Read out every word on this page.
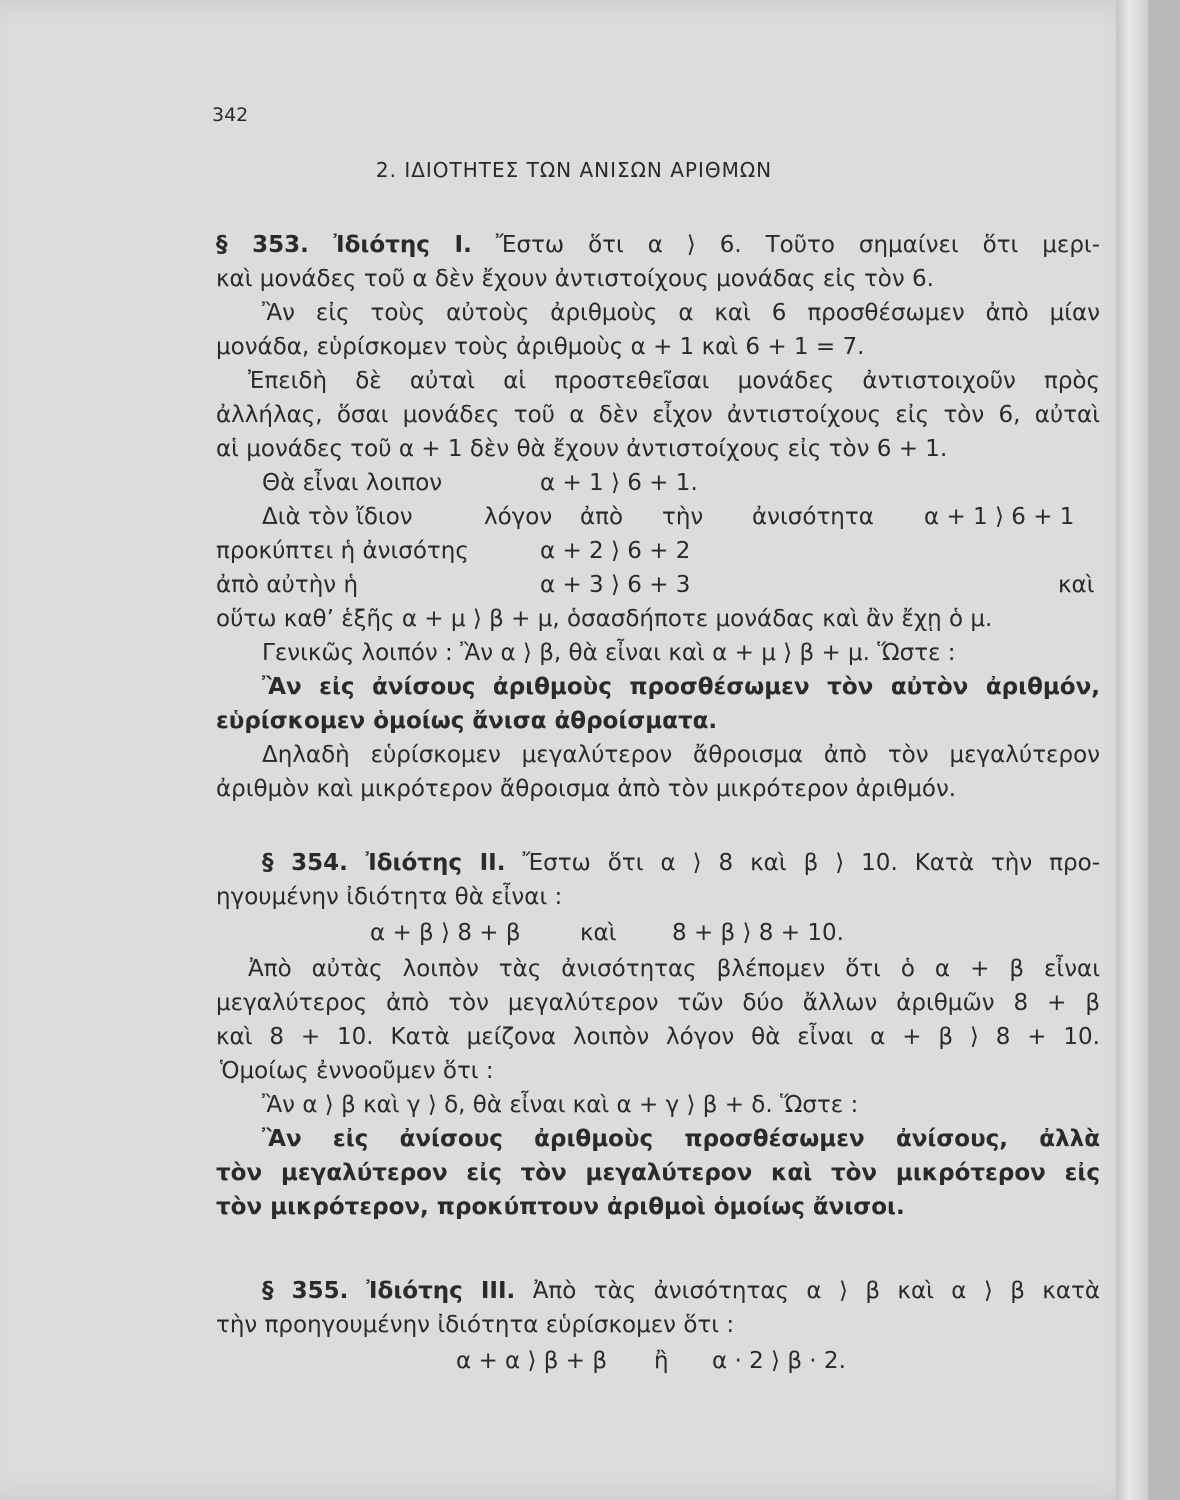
342
2. ΙΔΙΟΤΗΤΕΣ ΤΩΝ ΑΝΙΣΩΝ ΑΡΙΘΜΩΝ
§ 353. Ἰδιότης Ι. Ἔστω ὅτι α ⟩ 6. Τοῦτο σημαίνει ὅτι μερι-
καὶ μονάδες τοῦ α δὲν ἔχουν ἀντιστοίχους μονάδας εἰς τὸν 6.
Ἂν εἰς τοὺς αὐτοὺς ἀριθμοὺς α καὶ 6 προσθέσωμεν ἀπὸ μίαν
μονάδα, εὑρίσκομεν τοὺς ἀριθμοὺς α + 1 καὶ 6 + 1 = 7.
Ἐπειδὴ δὲ αὐταὶ αἱ προστεθεῖσαι μονάδες ἀντιστοιχοῦν πρὸς
ἀλλήλας, ὅσαι μονάδες τοῦ α δὲν εἶχον ἀντιστοίχους εἰς τὸν 6, αὐταὶ
αἱ μονάδες τοῦ α + 1 δὲν θὰ ἔχουν ἀντιστοίχους εἰς τὸν 6 + 1.
Θὰ εἶναι λοιπον	α + 1 ⟩ 6 + 1.
Διὰ τὸν ἴδιον	λόγον ἀπὸ τὴν ἀνισότητα α + 1 ⟩ 6 + 1
προκύπτει ἡ ἀνισότης	α + 2 ⟩ 6 + 2
ἀπὸ αὐτὴν ἡ	α + 3 ⟩ 6 + 3	καὶ
οὕτω καθ’ ἑξῆς α + μ ⟩ β + μ, ὁσασδήποτε μονάδας καὶ ἂν ἔχῃ ὁ μ.
Γενικῶς λοιπόν : Ἂν α ⟩ β, θὰ εἶναι καὶ α + μ ⟩ β + μ. Ὥστε :
Ἂν εἰς ἀνίσους ἀριθμοὺς προσθέσωμεν τὸν αὐτὸν ἀριθμόν,
εὑρίσκομεν ὁμοίως ἄνισα ἀθροίσματα.
Δηλαδὴ εὑρίσκομεν μεγαλύτερον ἄθροισμα ἀπὸ τὸν μεγαλύτερον
ἀριθμὸν καὶ μικρότερον ἄθροισμα ἀπὸ τὸν μικρότερον ἀριθμόν.
§ 354. Ἰδιότης ΙΙ. Ἔστω ὅτι α ⟩ 8 καὶ β ⟩ 10. Κατὰ τὴν προ-
ηγουμένην ἰδιότητα θὰ εἶναι :
α + β ⟩ 8 + β	καὶ 8 + β ⟩ 8 + 10.
Ἀπὸ αὐτὰς λοιπὸν τὰς ἀνισότητας βλέπομεν ὅτι ὁ α + β εἶναι
μεγαλύτερος ἀπὸ τὸν μεγαλύτερον τῶν δύο ἄλλων ἀριθμῶν 8 + β
καὶ 8 + 10. Κατὰ μείζονα λοιπὸν λόγον θὰ εἶναι α + β ⟩ 8 + 10.
Ὁμοίως ἐννοοῦμεν ὅτι :
Ἂν α ⟩ β καὶ γ ⟩ δ, θὰ εἶναι καὶ α + γ ⟩ β + δ. Ὥστε :
Ἂν εἰς ἀνίσους ἀριθμοὺς προσθέσωμεν ἀνίσους, ἀλλὰ
τὸν μεγαλύτερον εἰς τὸν μεγαλύτερον καὶ τὸν μικρότερον εἰς
τὸν μικρότερον, προκύπτουν ἀριθμοὶ ὁμοίως ἄνισοι.
§ 355. Ἰδιότης ΙΙΙ. Ἀπὸ τὰς ἀνισότητας α ⟩ β καὶ α ⟩ β κατὰ
τὴν προηγουμένην ἰδιότητα εὑρίσκομεν ὅτι :
α + α ⟩ β + β ἢ α · 2 ⟩ β · 2.
